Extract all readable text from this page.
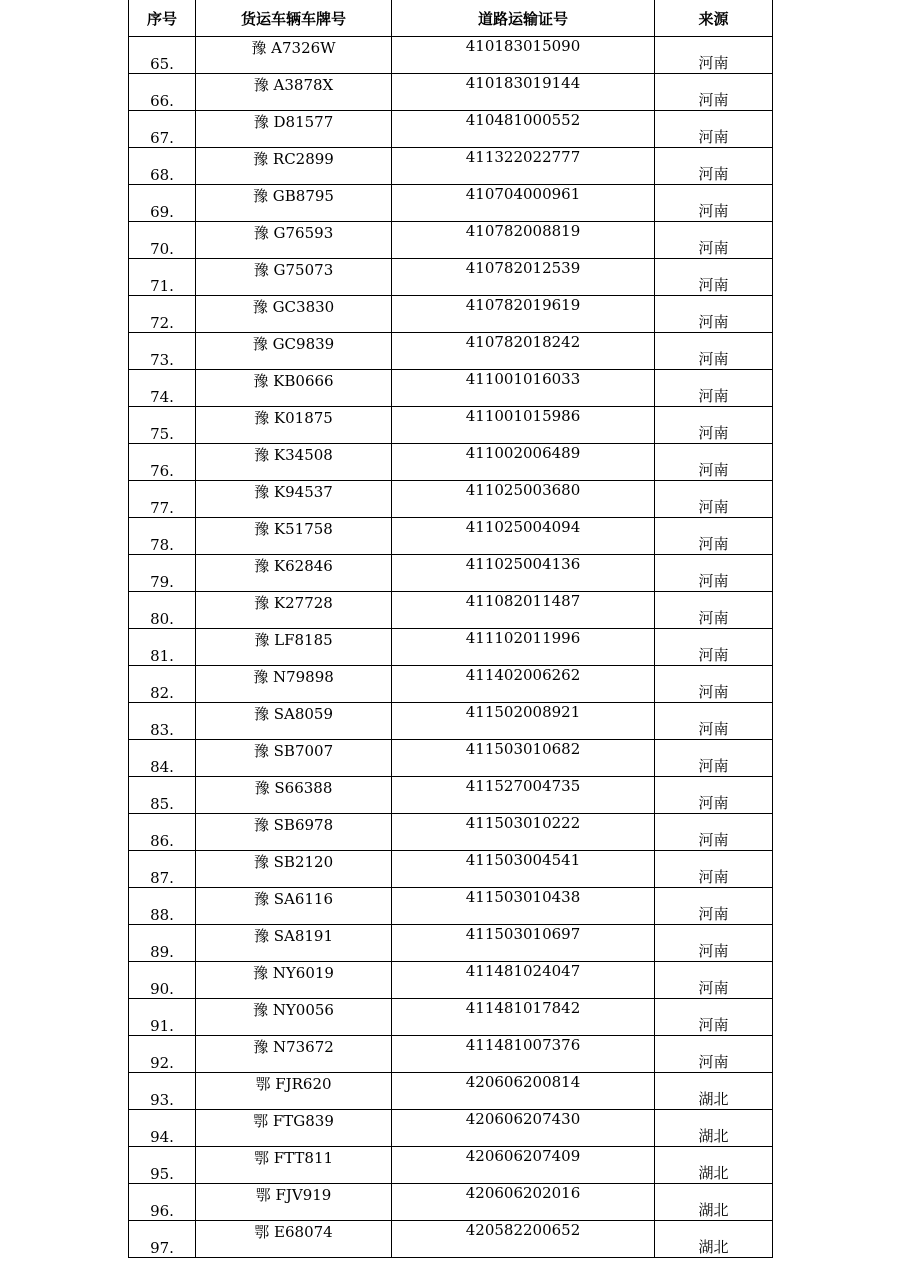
序号	货运车辆车牌号	道路运输证号	来源
65.	豫 A7326W	410183015090	河南
66.	豫 A3878X	410183019144	河南
67.	豫 D81577	410481000552	河南
68.	豫 RC2899	411322022777	河南
69.	豫 GB8795	410704000961	河南
70.	豫 G76593	410782008819	河南
71.	豫 G75073	410782012539	河南
72.	豫 GC3830	410782019619	河南
73.	豫 GC9839	410782018242	河南
74.	豫 KB0666	411001016033	河南
75.	豫 K01875	411001015986	河南
76.	豫 K34508	411002006489	河南
77.	豫 K94537	411025003680	河南
78.	豫 K51758	411025004094	河南
79.	豫 K62846	411025004136	河南
80.	豫 K27728	411082011487	河南
81.	豫 LF8185	411102011996	河南
82.	豫 N79898	411402006262	河南
83.	豫 SA8059	411502008921	河南
84.	豫 SB7007	411503010682	河南
85.	豫 S66388	411527004735	河南
86.	豫 SB6978	411503010222	河南
87.	豫 SB2120	411503004541	河南
88.	豫 SA6116	411503010438	河南
89.	豫 SA8191	411503010697	河南
90.	豫 NY6019	411481024047	河南
91.	豫 NY0056	411481017842	河南
92.	豫 N73672	411481007376	河南
93.	鄂 FJR620	420606200814	湖北
94.	鄂 FTG839	420606207430	湖北
95.	鄂 FTT811	420606207409	湖北
96.	鄂 FJV919	420606202016	湖北
97.	鄂 E68074	420582200652	湖北
